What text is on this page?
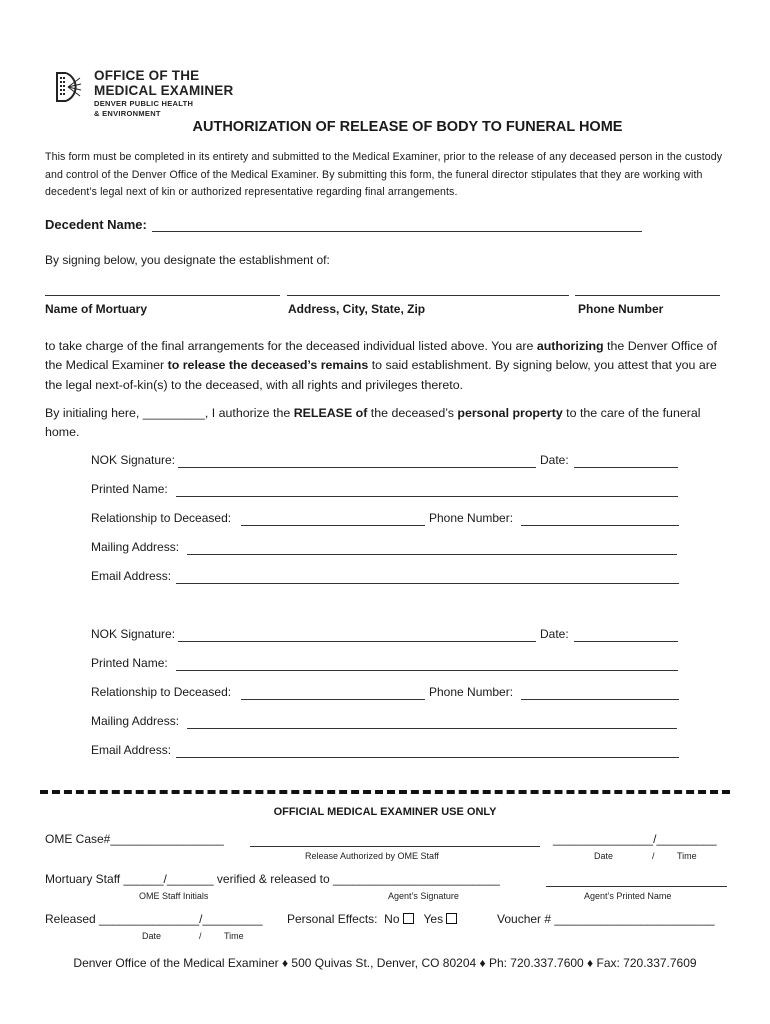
OFFICE OF THE
MEDICAL EXAMINER
DENVER PUBLIC HEALTH
& ENVIRONMENT
AUTHORIZATION OF RELEASE OF BODY TO FUNERAL HOME
This form must be completed in its entirety and submitted to the Medical Examiner, prior to the release of any deceased person in the custody and control of the Denver Office of the Medical Examiner. By submitting this form, the funeral director stipulates that they are working with decedent’s legal next of kin or authorized representative regarding final arrangements.
Decedent Name:
By signing below, you designate the establishment of:
Name of Mortuary	Address, City, State, Zip	Phone Number
to take charge of the final arrangements for the deceased individual listed above. You are authorizing the Denver Office of the Medical Examiner to release the deceased’s remains to said establishment. By signing below, you attest that you are the legal next-of-kin(s) to the deceased, with all rights and privileges thereto.
By initialing here, _________, I authorize the RELEASE of the deceased’s personal property to the care of the funeral home.
NOK Signature:	Date:
Printed Name:
Relationship to Deceased:	Phone Number:
Mailing Address:
Email Address:
NOK Signature:	Date:
Printed Name:
Relationship to Deceased:	Phone Number:
Mailing Address:
Email Address:
OFFICIAL MEDICAL EXAMINER USE ONLY
OME Case#_________________
Release Authorized by OME Staff
_______________/_________
Date	/ Time
Mortuary Staff ______/_______ verified & released to _________________________
OME Staff Initials	Agent’s Signature	Agent’s Printed Name
Released _______________/_________ Personal Effects: No Yes	Voucher # ________________________
Date	/ Time
Denver Office of the Medical Examiner ♦ 500 Quivas St., Denver, CO 80204 ♦ Ph: 720.337.7600 ♦ Fax: 720.337.7609
